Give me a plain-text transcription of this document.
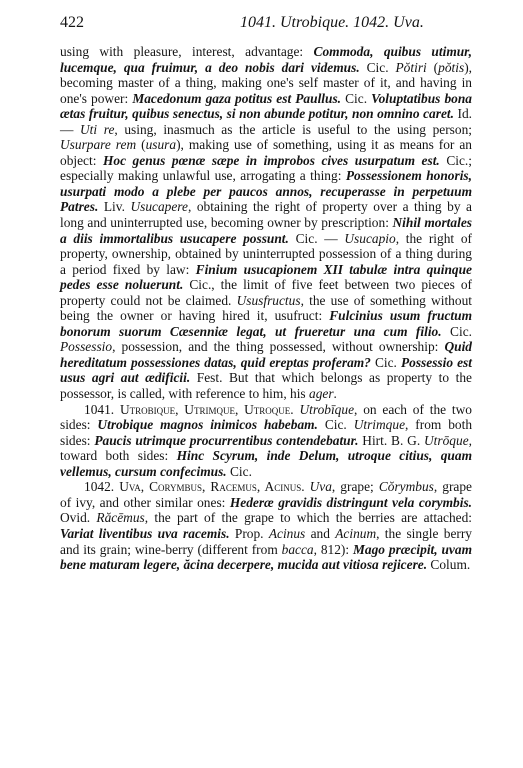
422	1041. Utrobique. 1042. Uva.

using with pleasure, interest, advantage: Commoda, quibus utimur, lucemque, qua fruimur, a deo nobis dari videmus. Cic. Pŏtiri (pŏtis), becoming master of a thing, making one's self master of it, and having in one's power: Macedonum gaza potitus est Paullus. Cic. Voluptatibus bona ætas fruitur, quibus senectus, si non abunde potitur, non omnino caret. Id. — Uti re, using, inasmuch as the article is useful to the using person; Usurpare rem (usura), making use of something, using it as means for an object: Hoc genus pœnæ sæpe in improbos cives usurpatum est. Cic.; especially making unlawful use, arrogating a thing: Possessionem honoris, usurpati modo a plebe per paucos annos, recuperasse in perpetuum Patres. Liv. Usucapere, obtaining the right of property over a thing by a long and uninterrupted use, becoming owner by prescription: Nihil mortales a diis immortalibus usucapere possunt. Cic. — Usucapio, the right of property, ownership, obtained by uninterrupted possession of a thing during a period fixed by law: Finium usucapionem XII tabulæ intra quinque pedes esse noluerunt. Cic., the limit of five feet between two pieces of property could not be claimed. Ususfructus, the use of something without being the owner or having hired it, usufruct: Fulcinius usum fructum bonorum suorum Cæsenniæ legat, ut frueretur una cum filio. Cic. Possessio, possession, and the thing possessed, without ownership: Quid hereditatum possessiones datas, quid ereptas proferam? Cic. Possessio est usus agri aut ædificii. Fest. But that which belongs as property to the possessor, is called, with reference to him, his ager.

1041. Utrobique, Utrimque, Utroque. Utrobīque, on each of the two sides: Utrobique magnos inimicos habebam. Cic. Utrimque, from both sides: Paucis utrimque procurrentibus contendebatur. Hirt. B. G. Utrōque, toward both sides: Hinc Scyrum, inde Delum, utroque citius, quam vellemus, cursum confecimus. Cic.

1042. Uva, Corymbus, Racemus, Acinus. Uva, grape; Cŏrymbus, grape of ivy, and other similar ones: Hederæ gravidis distringunt vela corymbis. Ovid. Răcēmus, the part of the grape to which the berries are attached: Variat liventibus uva racemis. Prop. Acinus and Acinum, the single berry and its grain; wine-berry (different from bacca, 812): Mago præcipit, uvam bene maturam legere, ăcina decerpere, mucida aut vitiosa rejicere. Colum.
